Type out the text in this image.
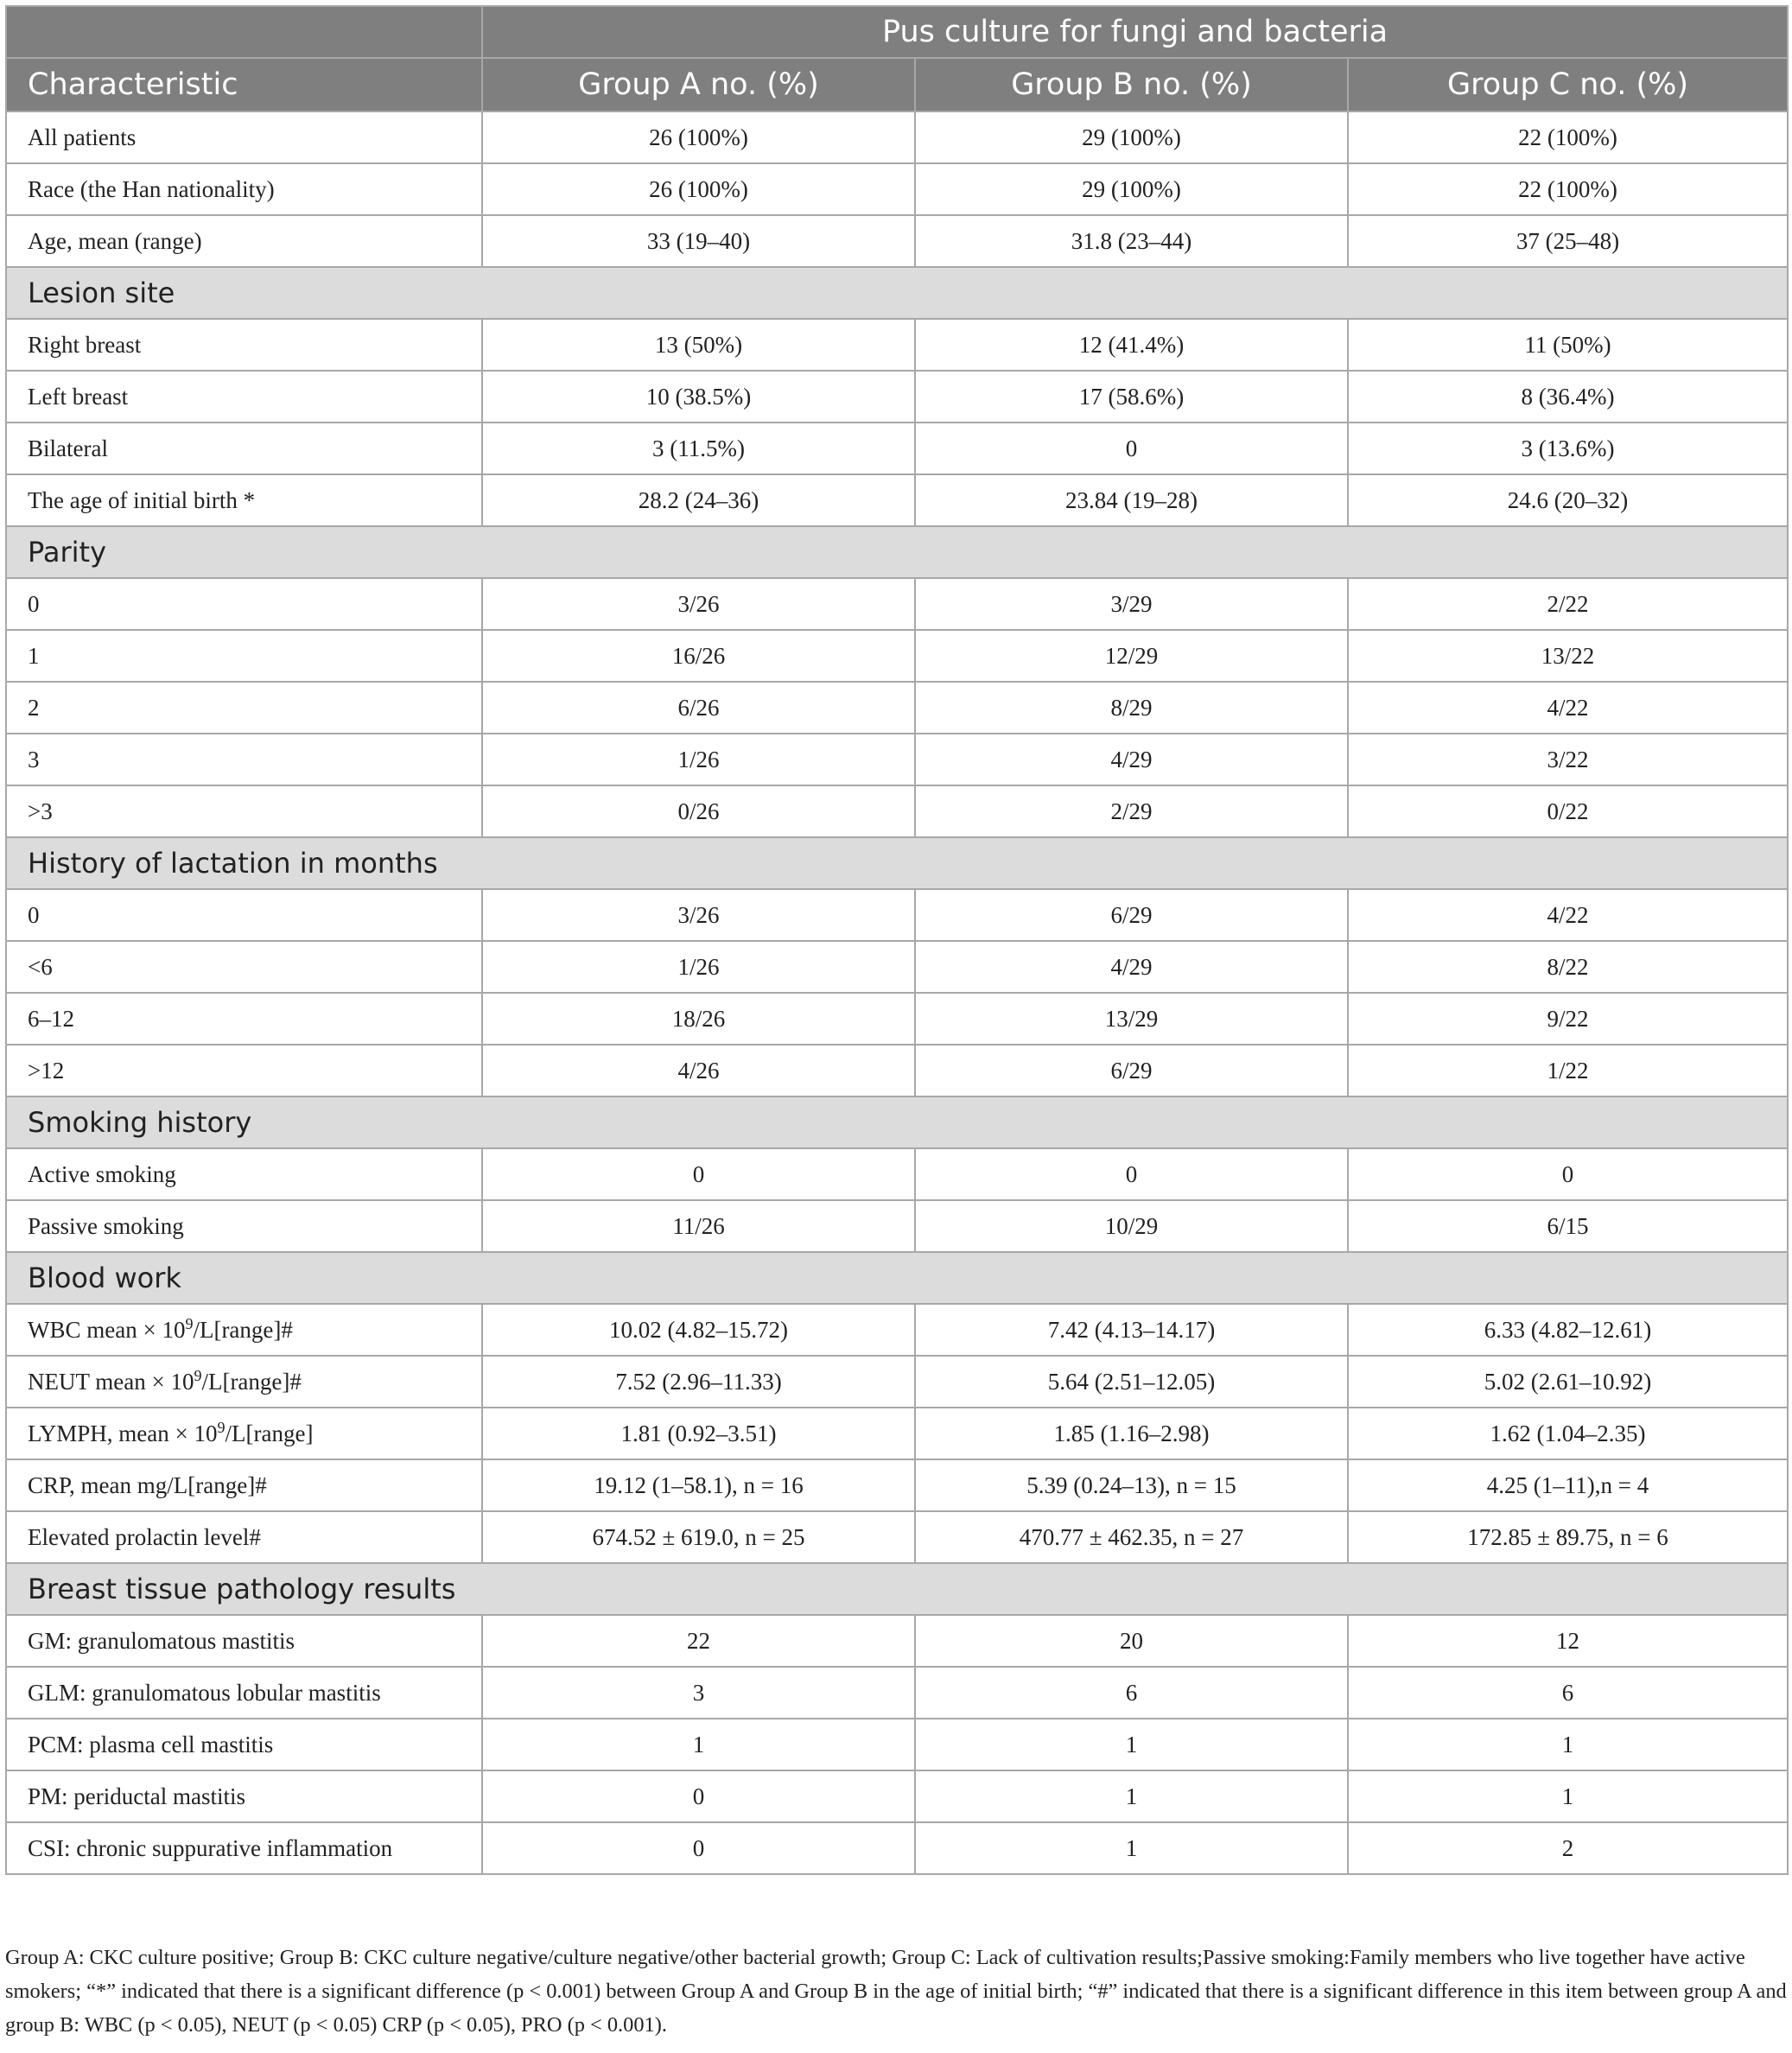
	Pus culture for fungi and bacteria		
Characteristic	Group A no. (%)	Group B no. (%)	Group C no. (%)
All patients	26 (100%)	29 (100%)	22 (100%)
Race (the Han nationality)	26 (100%)	29 (100%)	22 (100%)
Age, mean (range)	33 (19–40)	31.8 (23–44)	37 (25–48)
Lesion site			
Right breast	13 (50%)	12 (41.4%)	11 (50%)
Left breast	10 (38.5%)	17 (58.6%)	8 (36.4%)
Bilateral	3 (11.5%)	0	3 (13.6%)
The age of initial birth *	28.2 (24–36)	23.84 (19–28)	24.6 (20–32)
Parity			
0	3/26	3/29	2/22
1	16/26	12/29	13/22
2	6/26	8/29	4/22
3	1/26	4/29	3/22
>3	0/26	2/29	0/22
History of lactation in months			
0	3/26	6/29	4/22
<6	1/26	4/29	8/22
6–12	18/26	13/29	9/22
>12	4/26	6/29	1/22
Smoking history			
Active smoking	0	0	0
Passive smoking	11/26	10/29	6/15
Blood work			
WBC mean × $10^9/L[range]\#$	10.02 (4.82–15.72)	7.42 (4.13–14.17)	6.33 (4.82–12.61)
NEUT mean × $10^9/L[range]\#$	7.52 (2.96–11.33)	5.64 (2.51–12.05)	5.02 (2.61–10.92)
LYMPH, mean × $10^9/L[range]$	1.81 (0.92–3.51)	1.85 (1.16–2.98)	1.62 (1.04–2.35)
CRP, mean mg/L[range]#	19.12 (1–58.1), n = 16	5.39 (0.24–13), n = 15	4.25 (1–11),n = 4
Elevated prolactin level#	674.52 ± 619.0, n = 25	470.77 ± 462.35, n = 27	172.85 ± 89.75, n = 6
Breast tissue pathology results			
GM: granulomatous mastitis	22	20	12
GLM: granulomatous lobular mastitis	3	6	6
PCM: plasma cell mastitis	1	1	1
PM: periductal mastitis	0	1	1
CSI: chronic suppurative inflammation	0	1	2
Group A: CKC culture positive; Group B: CKC culture negative/culture negative/other bacterial growth; Group C: Lack of cultivation results;Passive smoking:Family members who live together have active smokers; “*” indicated that there is a significant difference (p < 0.001) between Group A and Group B in the age of initial birth; “#” indicated that there is a significant difference in this item between group A and group B: WBC (p < 0.05), NEUT (p < 0.05) CRP (p < 0.05), PRO (p < 0.001).
